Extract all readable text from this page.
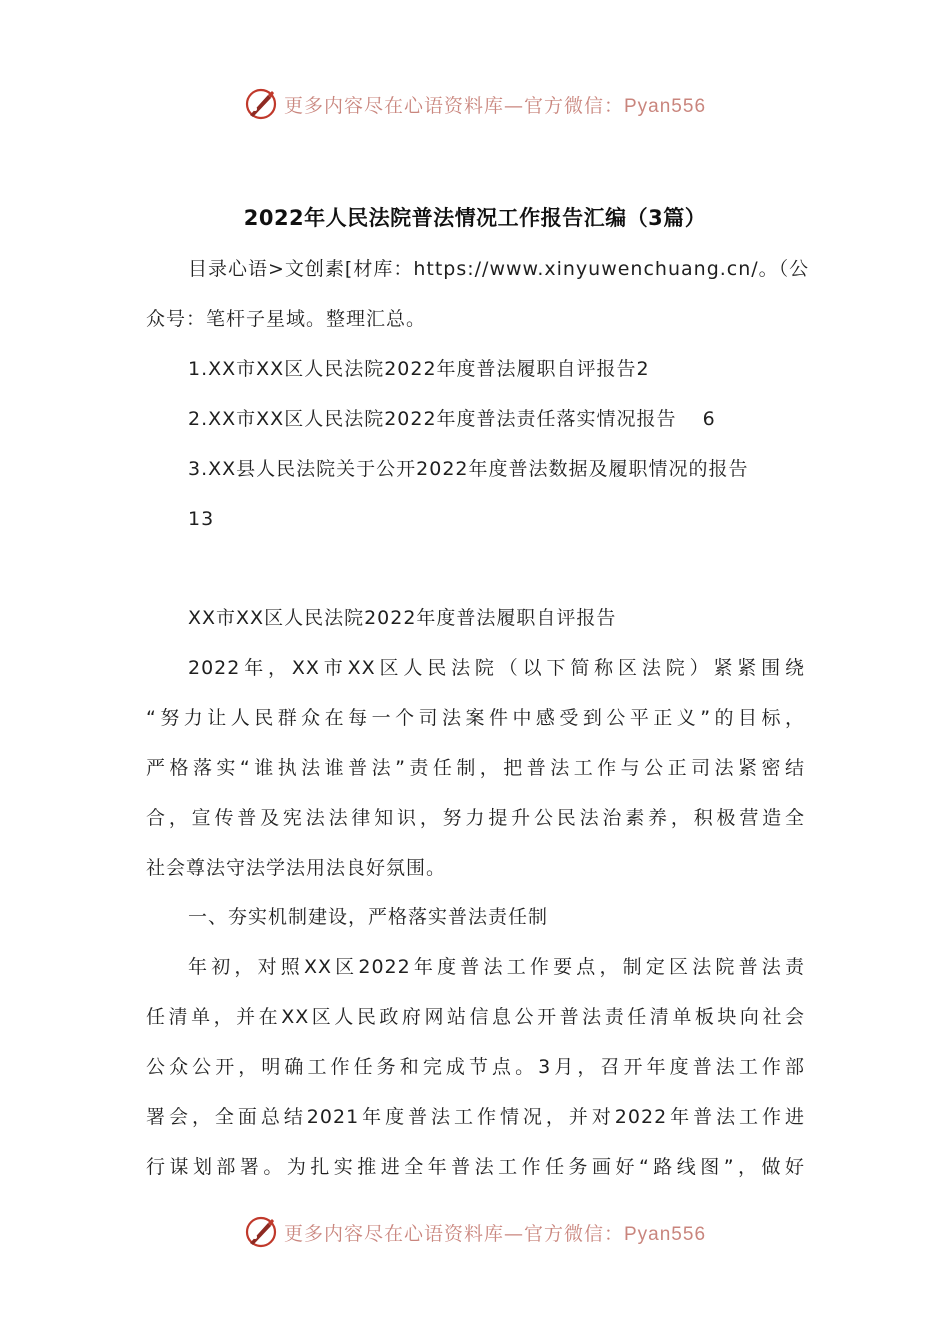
更多内容尽在心语资料库—官方微信：Pyan556
2022年人民法院普法情况工作报告汇编（3篇）
目录心语>文创素[材库：https://www.xinyuwenchuang.cn/。（公
众号：笔杆子星域。整理汇总。
1.XX市XX区人民法院2022年度普法履职自评报告2
2.XX市XX区人民法院2022年度普法责任落实情况报告 6
3.XX县人民法院关于公开2022年度普法数据及履职情况的报告
13
XX市XX区人民法院2022年度普法履职自评报告
2022年，XX市XX区人民法院（以下简称区法院）紧紧围绕
“努力让人民群众在每一个司法案件中感受到公平正义”的目标，
严格落实“谁执法谁普法”责任制，把普法工作与公正司法紧密结
合，宣传普及宪法法律知识，努力提升公民法治素养，积极营造全
社会尊法守法学法用法良好氛围。
一、夯实机制建设，严格落实普法责任制
年初，对照XX区2022年度普法工作要点，制定区法院普法责
任清单，并在XX区人民政府网站信息公开普法责任清单板块向社会
公众公开，明确工作任务和完成节点。3月，召开年度普法工作部
署会，全面总结2021年度普法工作情况，并对2022年普法工作进
行谋划部署。为扎实推进全年普法工作任务画好“路线图”，做好
更多内容尽在心语资料库—官方微信：Pyan556
